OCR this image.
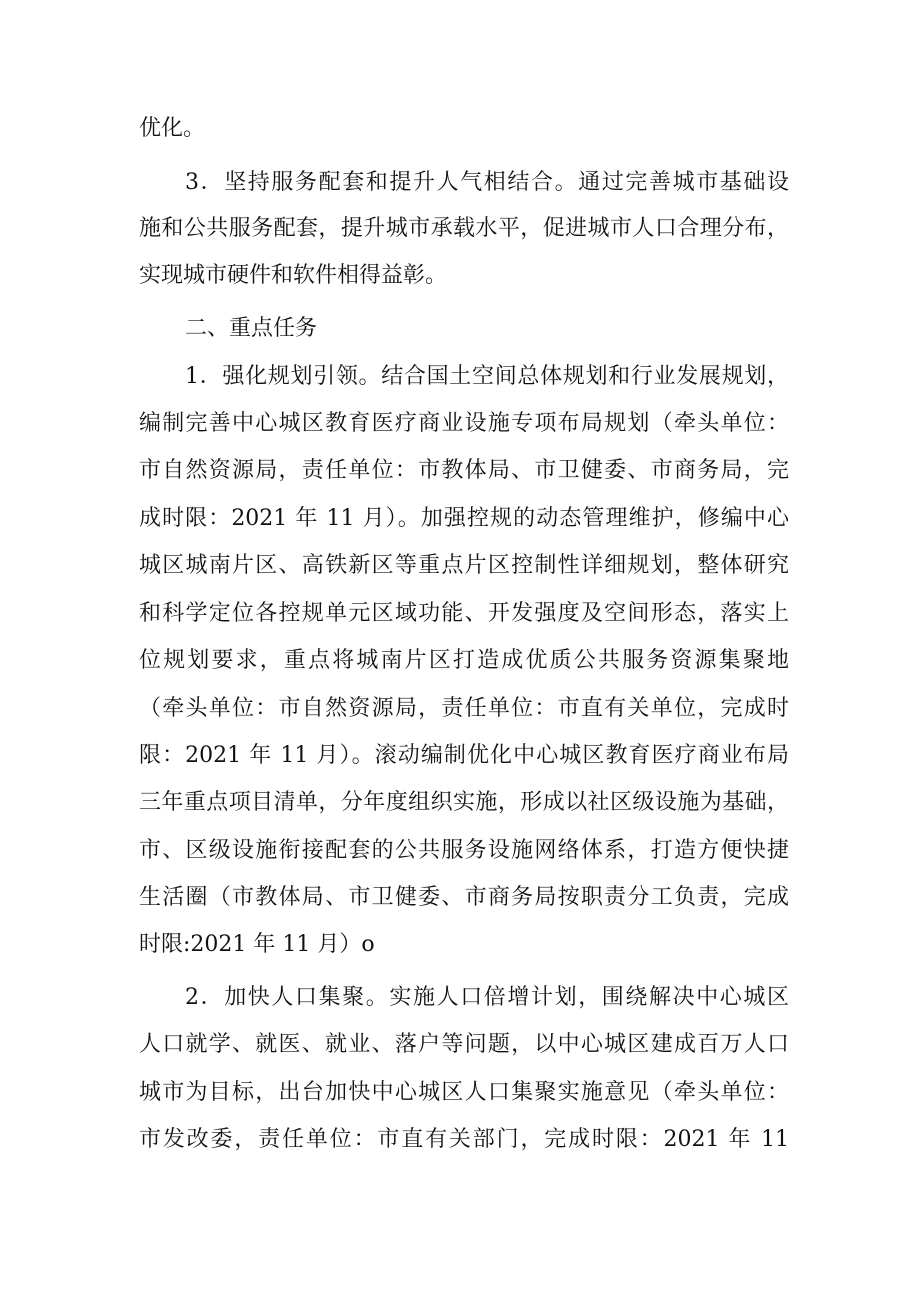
优化。
3．坚持服务配套和提升人气相结合。通过完善城市基础设
施和公共服务配套，提升城市承载水平，促进城市人口合理分布，
实现城市硬件和软件相得益彰。
二、重点任务
1．强化规划引领。结合国土空间总体规划和行业发展规划，
编制完善中心城区教育医疗商业设施专项布局规划（牵头单位：
市自然资源局，责任单位：市教体局、市卫健委、市商务局，完
成时限：2021 年 11 月）。加强控规的动态管理维护，修编中心
城区城南片区、高铁新区等重点片区控制性详细规划，整体研究
和科学定位各控规单元区域功能、开发强度及空间形态，落实上
位规划要求，重点将城南片区打造成优质公共服务资源集聚地
（牵头单位：市自然资源局，责任单位：市直有关单位，完成时
限：2021 年 11 月）。滚动编制优化中心城区教育医疗商业布局
三年重点项目清单，分年度组织实施，形成以社区级设施为基础，
市、区级设施衔接配套的公共服务设施网络体系，打造方便快捷
生活圈（市教体局、市卫健委、市商务局按职责分工负责，完成
时限:2021 年 11 月）o
2．加快人口集聚。实施人口倍增计划，围绕解决中心城区
人口就学、就医、就业、落户等问题，以中心城区建成百万人口
城市为目标，出台加快中心城区人口集聚实施意见（牵头单位：
市发改委，责任单位：市直有关部门，完成时限：2021 年 11
